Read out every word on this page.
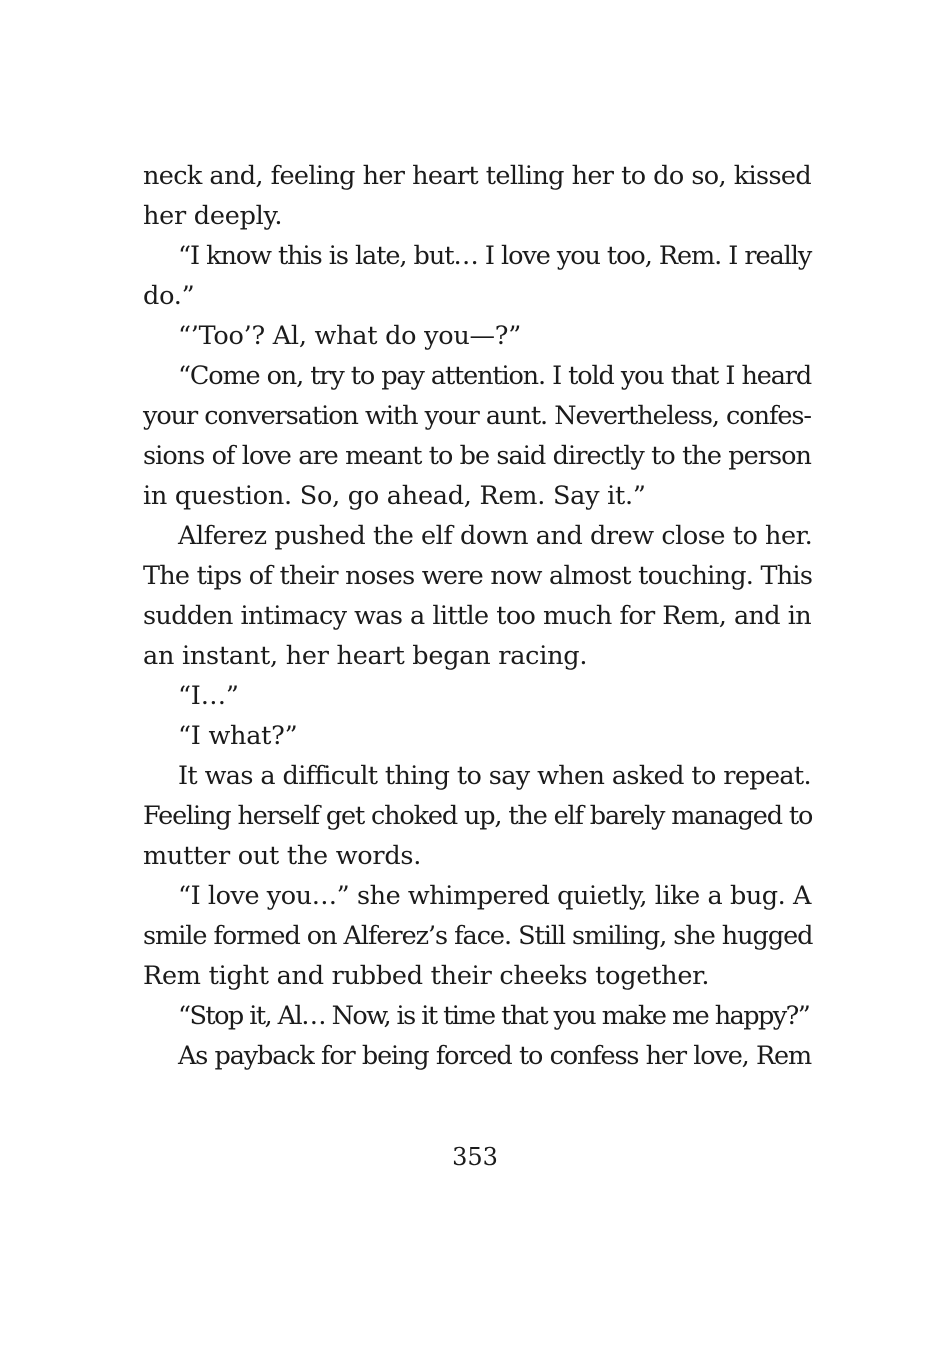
neck and, feeling her heart telling her to do so, kissed
her deeply.
“I know this is late, but… I love you too, Rem. I really
do.”
“’Too’? Al, what do you—?”
“Come on, try to pay attention. I told you that I heard
your conversation with your aunt. Nevertheless, confes-
sions of love are meant to be said directly to the person
in question. So, go ahead, Rem. Say it.”
Alferez pushed the elf down and drew close to her.
The tips of their noses were now almost touching. This
sudden intimacy was a little too much for Rem, and in
an instant, her heart began racing.
“I…”
“I what?”
It was a difficult thing to say when asked to repeat.
Feeling herself get choked up, the elf barely managed to
mutter out the words.
“I love you…” she whimpered quietly, like a bug. A
smile formed on Alferez’s face. Still smiling, she hugged
Rem tight and rubbed their cheeks together.
“Stop it, Al… Now, is it time that you make me happy?”
As payback for being forced to confess her love, Rem
353
